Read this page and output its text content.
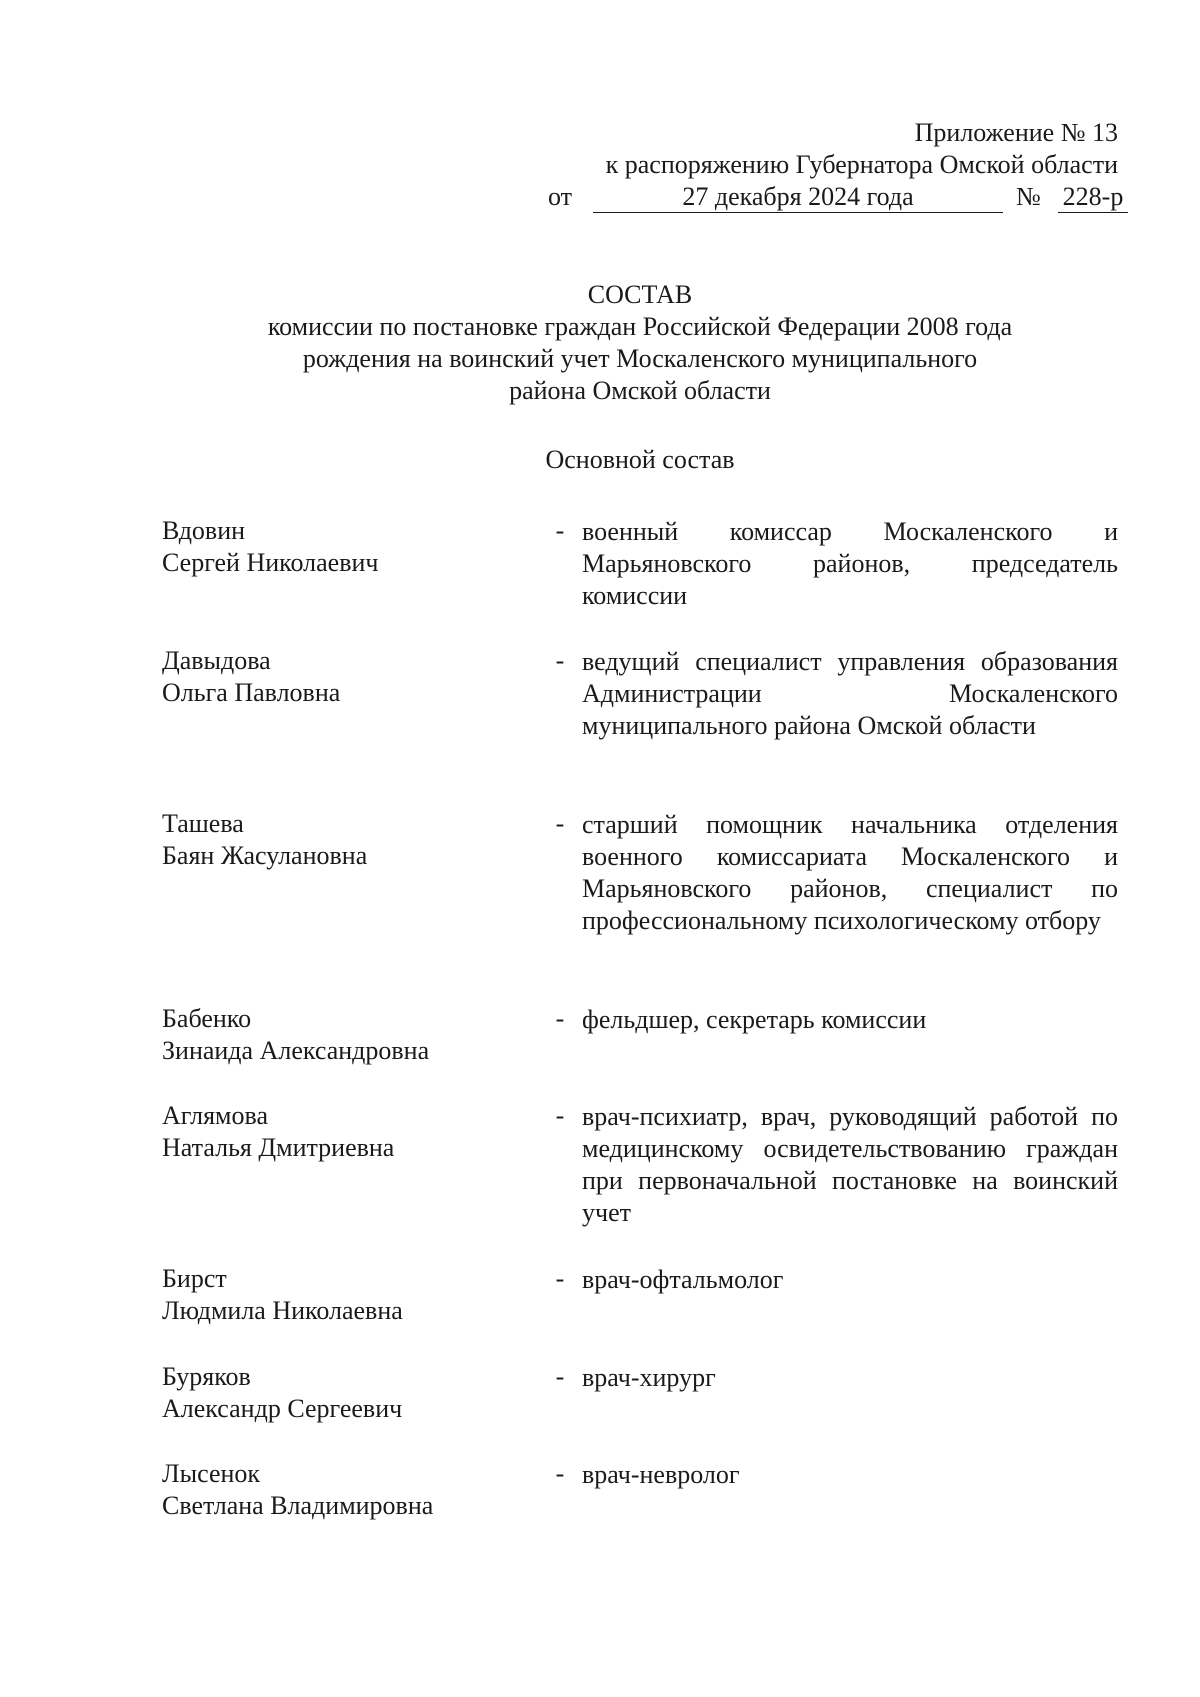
Приложение № 13
к распоряжению Губернатора Омской области
от	27 декабря 2024 года	№ 228-р
СОСТАВ
комиссии по постановке граждан Российской Федерации 2008 года
рождения на воинский учет Москаленского муниципального
района Омской области
Основной состав
Вдовин
Сергей Николаевич
- военный комиссар Москаленского и Марьяновского районов, председатель комиссии
Давыдова
Ольга Павловна
- ведущий специалист управления образования Администрации Москаленского муниципального района Омской области
Ташева
Баян Жасулановна
- старший помощник начальника отделения военного комиссариата Москаленского и Марьяновского районов, специалист по профессиональному психологическому отбору
Бабенко
Зинаида Александровна
- фельдшер, секретарь комиссии
Аглямова
Наталья Дмитриевна
- врач-психиатр, врач, руководящий работой по медицинскому освидетельствованию граждан при первоначальной постановке на воинский учет
Бирст
Людмила Николаевна
- врач-офтальмолог
Буряков
Александр Сергеевич
- врач-хирург
Лысенок
Светлана Владимировна
- врач-невролог
